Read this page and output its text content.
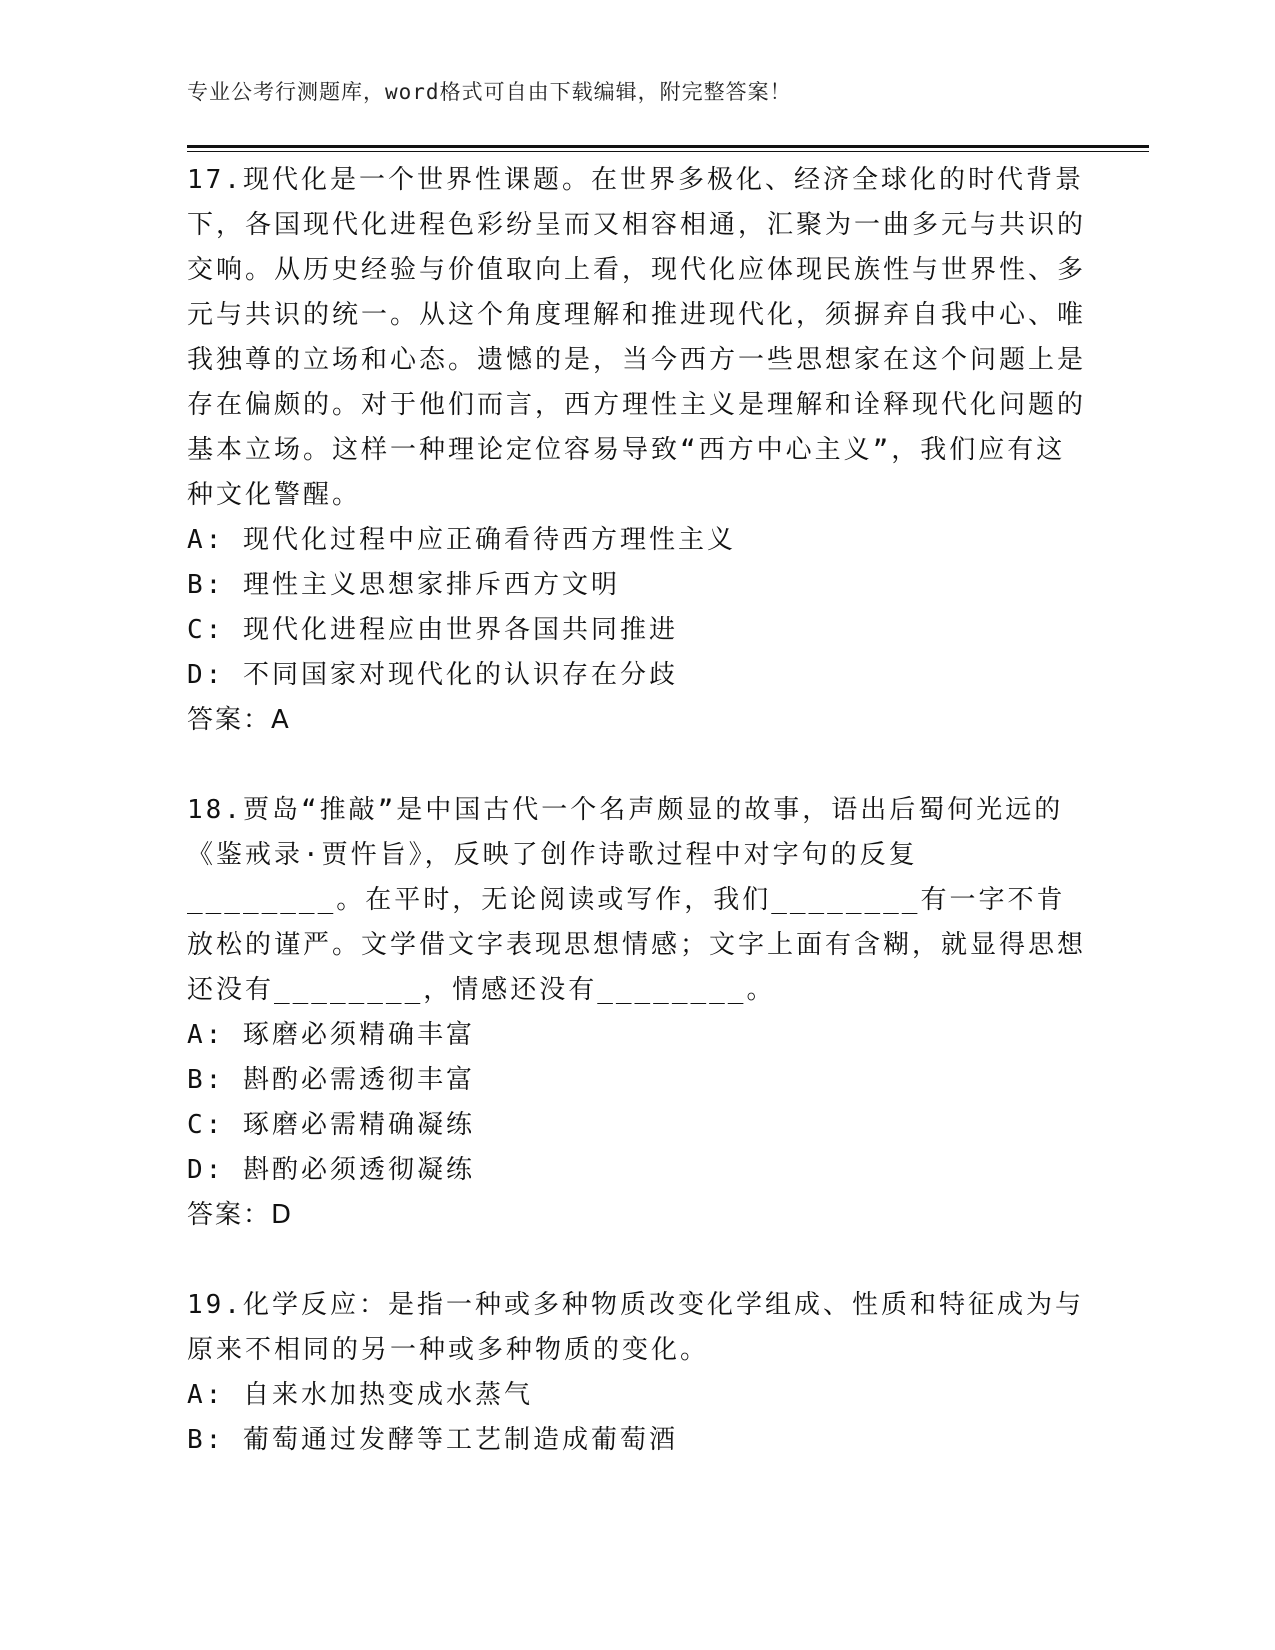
专业公考行测题库，word格式可自由下载编辑，附完整答案！
17.现代化是一个世界性课题。在世界多极化、经济全球化的时代背景下，各国现代化进程色彩纷呈而又相容相通，汇聚为一曲多元与共识的交响。从历史经验与价值取向上看，现代化应体现民族性与世界性、多元与共识的统一。从这个角度理解和推进现代化，须摒弃自我中心、唯我独尊的立场和心态。遗憾的是，当今西方一些思想家在这个问题上是存在偏颇的。对于他们而言，西方理性主义是理解和诠释现代化问题的基本立场。这样一种理论定位容易导致“西方中心主义”，我们应有这种文化警醒。
A: 现代化过程中应正确看待西方理性主义
B: 理性主义思想家排斥西方文明
C: 现代化进程应由世界各国共同推进
D: 不同国家对现代化的认识存在分歧
答案：A
18.贾岛“推敲”是中国古代一个名声颇显的故事，语出后蜀何光远的《鉴戒录·贾忤旨》，反映了创作诗歌过程中对字句的反复________。在平时，无论阅读或写作，我们________有一字不肯放松的谨严。文学借文字表现思想情感；文字上面有含糊，就显得思想还没有________，情感还没有________。
A: 琢磨必须精确丰富
B: 斟酌必需透彻丰富
C: 琢磨必需精确凝练
D: 斟酌必须透彻凝练
答案：D
19.化学反应：是指一种或多种物质改变化学组成、性质和特征成为与原来不相同的另一种或多种物质的变化。
A: 自来水加热变成水蒸气
B: 葡萄通过发酵等工艺制造成葡萄酒
